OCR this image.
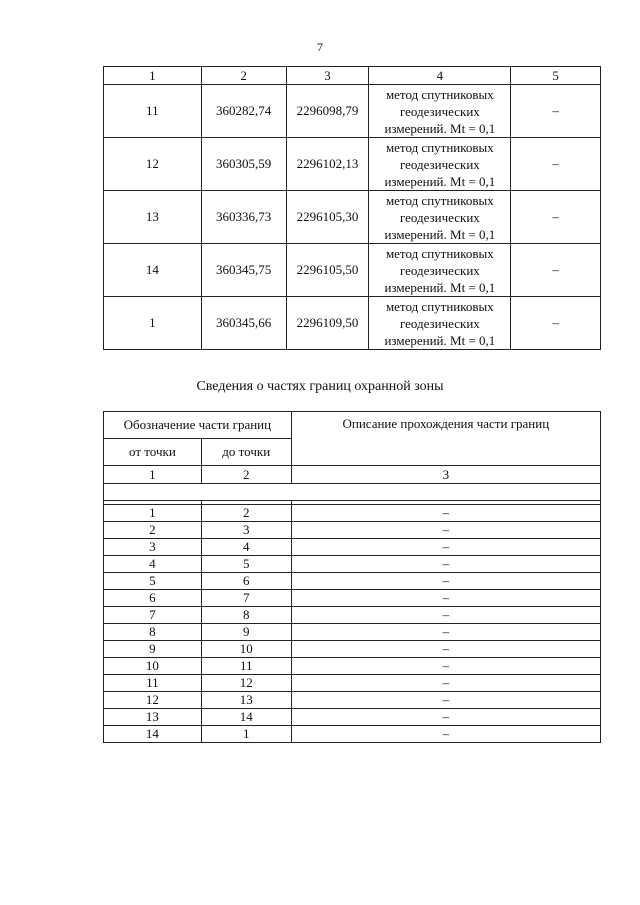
7
1	2	3	4	5
11	360282,74	2296098,79	метод спутниковых
геодезических
измерений. Mt = 0,1	–
12	360305,59	2296102,13	метод спутниковых
геодезических
измерений. Mt = 0,1	–
13	360336,73	2296105,30	метод спутниковых
геодезических
измерений. Mt = 0,1	–
14	360345,75	2296105,50	метод спутниковых
геодезических
измерений. Mt = 0,1	–
1	360345,66	2296109,50	метод спутниковых
геодезических
измерений. Mt = 0,1	–
Сведения о частях границ охранной зоны
Обозначение части границ		Описание прохождения части границ
от точки	до точки	
1	2	3

1	2	–
2	3	–
3	4	–
4	5	–
5	6	–
6	7	–
7	8	–
8	9	–
9	10	–
10	11	–
11	12	–
12	13	–
13	14	–
14	1	–
